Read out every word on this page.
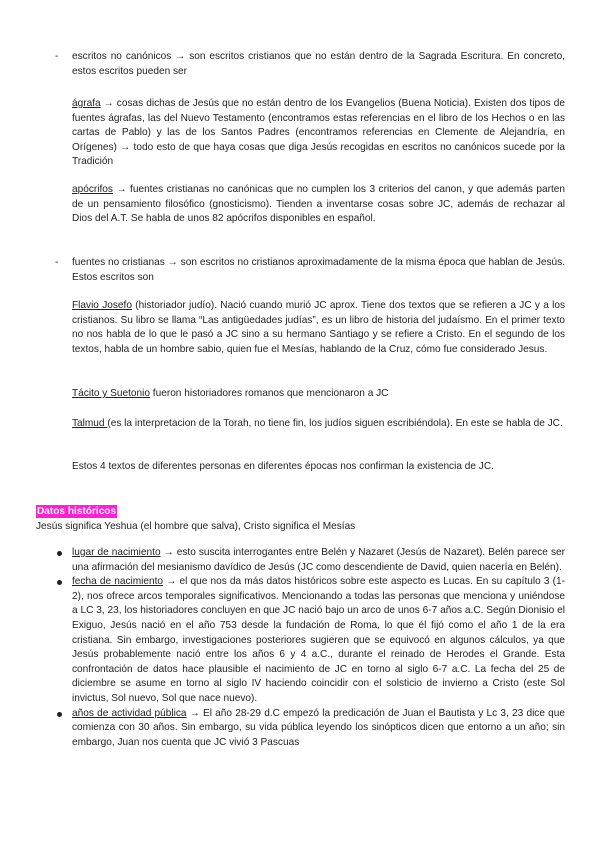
- escritos no canónicos → son escritos cristianos que no están dentro de la Sagrada Escritura. En concreto, estos escritos pueden ser

ágrafa → cosas dichas de Jesús que no están dentro de los Evangelios (Buena Noticia). Existen dos tipos de fuentes ágrafas, las del Nuevo Testamento (encontramos estas referencias en el libro de los Hechos o en las cartas de Pablo) y las de los Santos Padres (encontramos referencias en Clemente de Alejandría, en Orígenes) → todo esto de que haya cosas que diga Jesús recogidas en escritos no canónicos sucede por la Tradición

apócrifos → fuentes cristianas no canónicas que no cumplen los 3 criterios del canon, y que además parten de un pensamiento filosófico (gnosticismo). Tienden a inventarse cosas sobre JC, además de rechazar al Dios del A.T. Se habla de unos 82 apócrifos disponibles en español.

- fuentes no cristianas → son escritos no cristianos aproximadamente de la misma época que hablan de Jesús. Estos escritos son

Flavio Josefo (historiador judío). Nació cuando murió JC aprox. Tiene dos textos que se refieren a JC y a los cristianos. Su libro se llama “Las antigüedades judías”, es un libro de historia del judaísmo. En el primer texto no nos habla de lo que le pasó a JC sino a su hermano Santiago y se refiere a Cristo. En el segundo de los textos, habla de un hombre sabio, quien fue el Mesías, hablando de la Cruz, cómo fue considerado Jesus.

Tácito y Suetonio fueron historiadores romanos que mencionaron a JC

Talmud (es la interpretacion de la Torah, no tiene fin, los judíos siguen escribiéndola). En este se habla de JC.

Estos 4 textos de diferentes personas en diferentes épocas nos confirman la existencia de JC.

Datos históricos

Jesús significa Yeshua (el hombre que salva), Cristo significa el Mesías

lugar de nacimiento → esto suscita interrogantes entre Belén y Nazaret (Jesús de Nazaret). Belén parece ser una afirmación del mesianismo davídico de Jesús (JC como descendiente de David, quien nacería en Belén).
fecha de nacimiento → el que nos da más datos históricos sobre este aspecto es Lucas. En su capítulo 3 (1-2), nos ofrece arcos temporales significativos. Mencionando a todas las personas que menciona y uniéndose a LC 3, 23, los historiadores concluyen en que JC nació bajo un arco de unos 6-7 años a.C. Según Dionisio el Exiguo, Jesús nació en el año 753 desde la fundación de Roma, lo que él fijó como el año 1 de la era cristiana. Sin embargo, investigaciones posteriores sugieren que se equivocó en algunos cálculos, ya que Jesús probablemente nació entre los años 6 y 4 a.C., durante el reinado de Herodes el Grande. Esta confrontación de datos hace plausible el nacimiento de JC en torno al siglo 6-7 a.C. La fecha del 25 de diciembre se asume en torno al siglo IV haciendo coincidir con el solsticio de invierno a Cristo (este Sol invictus, Sol nuevo, Sol que nace nuevo).
años de actividad pública → El año 28-29 d.C empezó la predicación de Juan el Bautista y Lc 3, 23 dice que comienza con 30 años. Sin embargo, su vida pública leyendo los sinópticos dicen que entorno a un año; sin embargo, Juan nos cuenta que JC vivió 3 Pascuas
